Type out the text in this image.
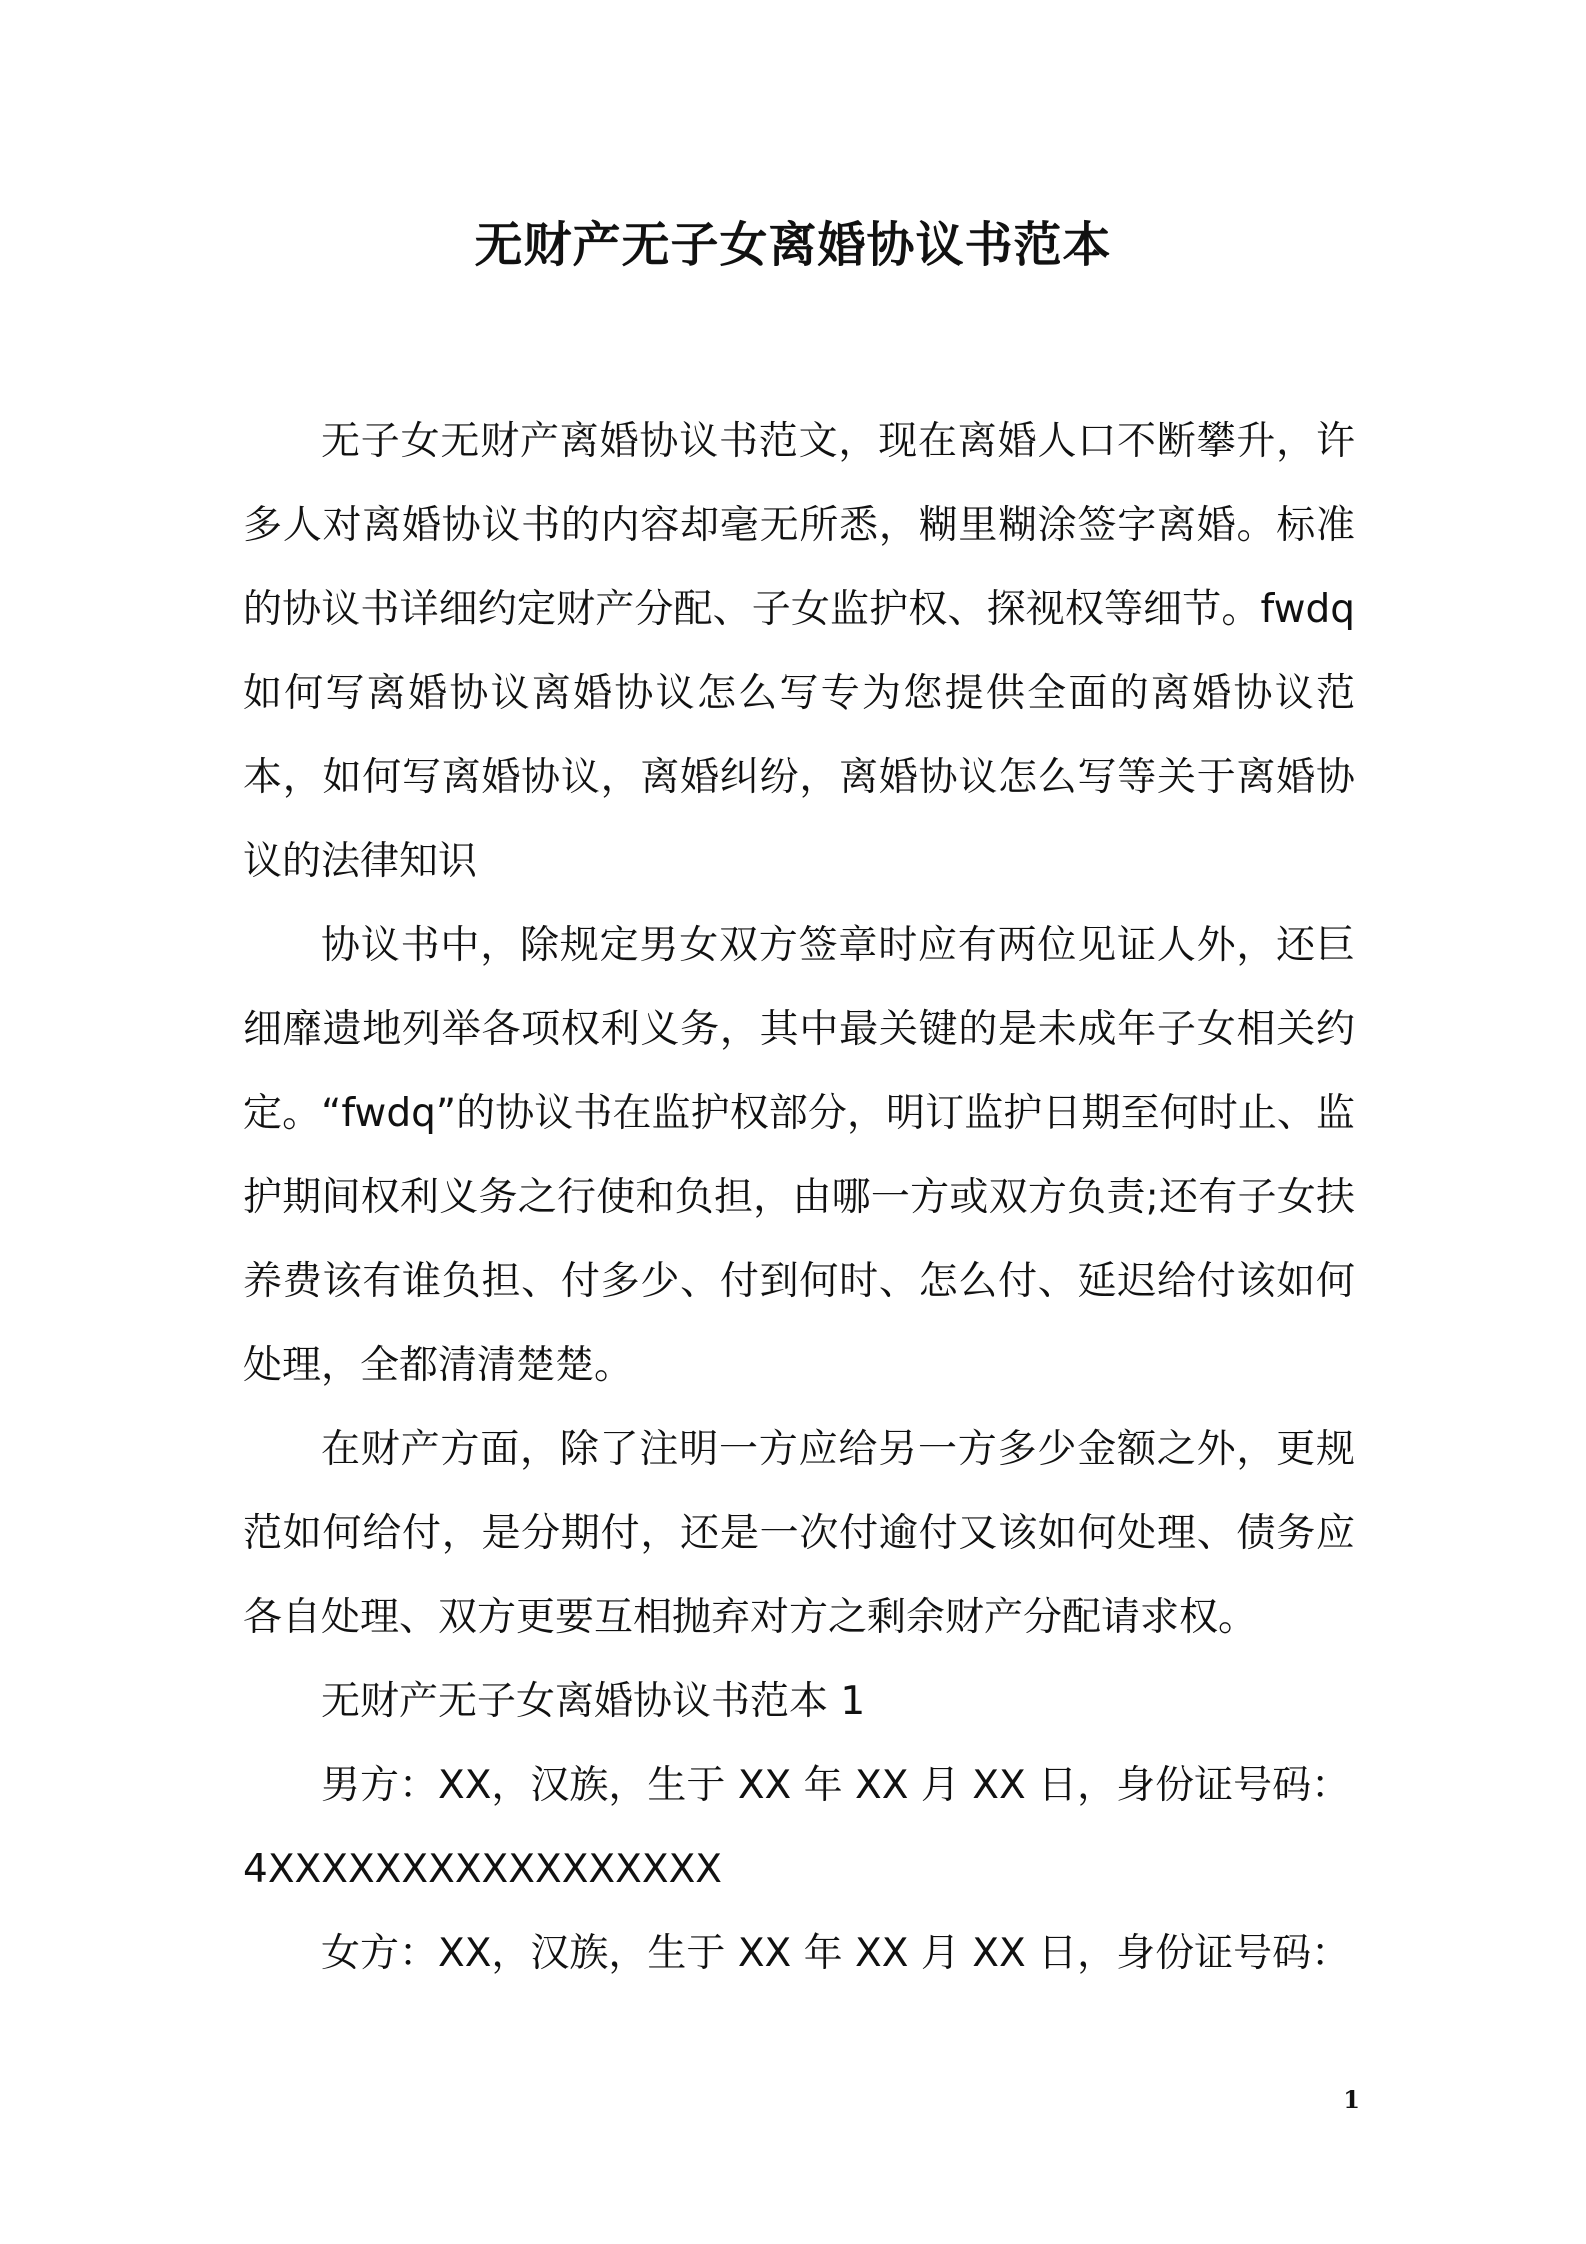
无财产无子女离婚协议书范本

无子女无财产离婚协议书范文，现在离婚人口不断攀升，许多人对离婚协议书的内容却毫无所悉，糊里糊涂签字离婚。标准的协议书详细约定财产分配、子女监护权、探视权等细节。fwdq如何写离婚协议离婚协议怎么写专为您提供全面的离婚协议范本，如何写离婚协议，离婚纠纷，离婚协议怎么写等关于离婚协议的法律知识

协议书中，除规定男女双方签章时应有两位见证人外，还巨细靡遗地列举各项权利义务，其中最关键的是未成年子女相关约定。“fwdq”的协议书在监护权部分，明订监护日期至何时止、监护期间权利义务之行使和负担，由哪一方或双方负责;还有子女扶养费该有谁负担、付多少、付到何时、怎么付、延迟给付该如何处理，全都清清楚楚。

在财产方面，除了注明一方应给另一方多少金额之外，更规范如何给付，是分期付，还是一次付逾付又该如何处理、债务应各自处理、双方更要互相抛弃对方之剩余财产分配请求权。

无财产无子女离婚协议书范本 1

男方：XX，汉族，生于 XX 年 XX 月 XX 日，身份证号码：

4XXXXXXXXXXXXXXXXX

女方：XX，汉族，生于 XX 年 XX 月 XX 日，身份证号码：

1
